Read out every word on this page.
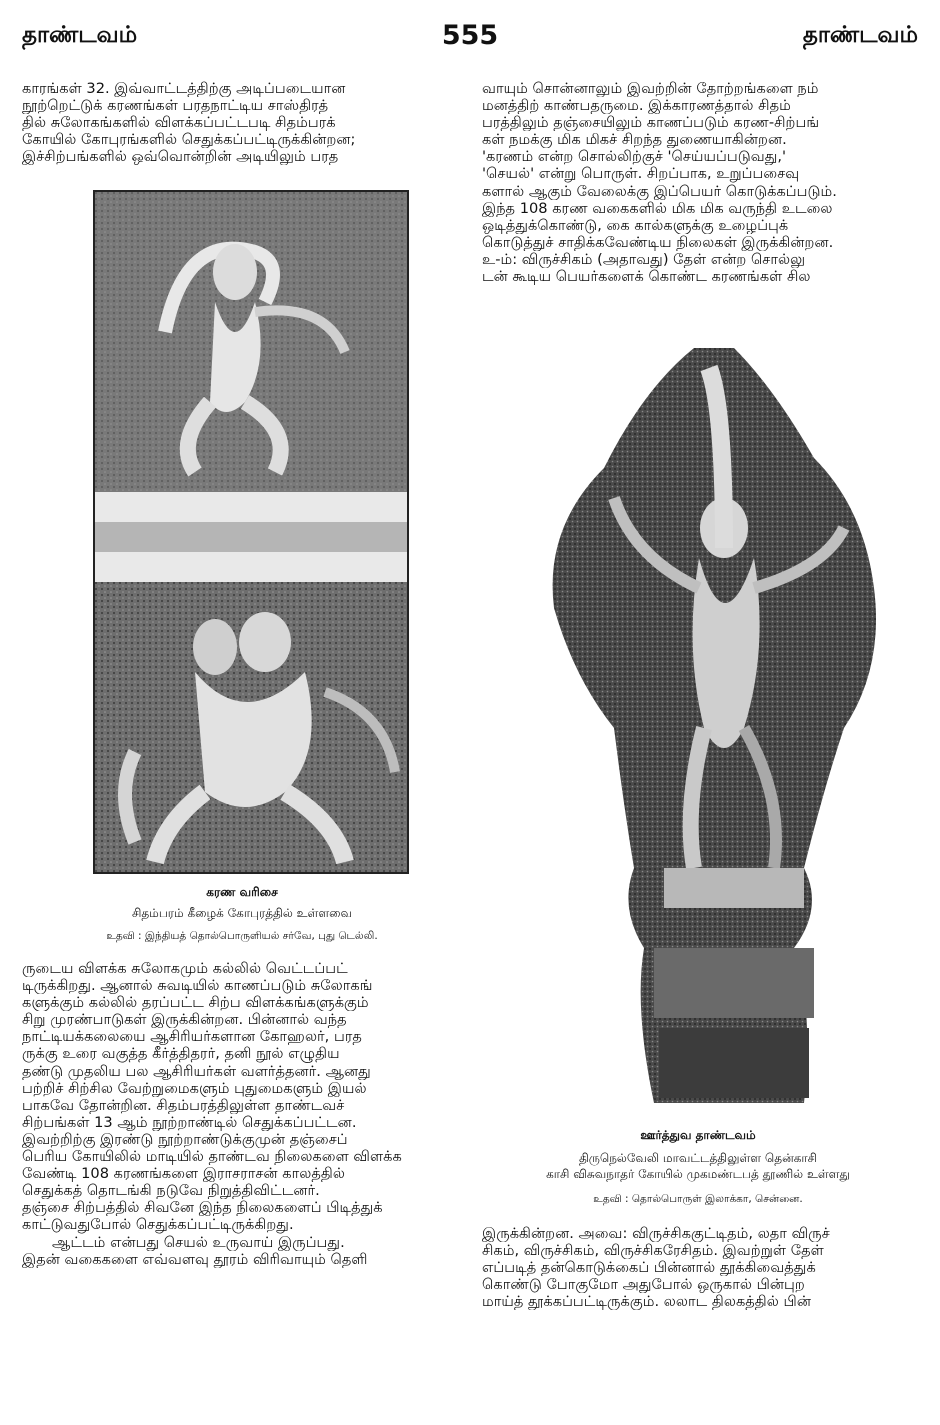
தாண்டவம்	555	தாண்டவம்
காரங்கள் 32. இவ்வாட்டத்திற்கு அடிப்படையான
நூற்றெட்டுக் கரணங்கள் பரதநாட்டிய சாஸ்திரத்
தில் சுலோகங்களில் விளக்கப்பட்டபடி சிதம்பரக்
கோயில் கோபுரங்களில் செதுக்கப்பட்டிருக்கின்றன;
இச்சிற்பங்களில் ஒவ்வொன்றின் அடியிலும் பரத
கரண வரிசை
சிதம்பரம் கீழைக் கோபுரத்தில் உள்ளவை
உதவி : இந்தியத் தொல்பொருளியல் சர்வே, புது டெல்லி.
ருடைய விளக்க சுலோகமும் கல்லில் வெட்டப்பட்
டிருக்கிறது. ஆனால் சுவடியில் காணப்படும் சுலோகங்
களுக்கும் கல்லில் தரப்பட்ட சிற்ப விளக்கங்களுக்கும்
சிறு முரண்பாடுகள் இருக்கின்றன. பின்னால் வந்த
நாட்டியக்கலையை ஆசிரியர்களான கோஹலர், பரத
ருக்கு உரை வகுத்த கீர்த்திதரர், தனி நூல் எழுதிய
தண்டு முதலிய பல ஆசிரியர்கள் வளர்த்தனர். ஆனது
பற்றிச் சிற்சில வேற்றுமைகளும் புதுமைகளும் இயல்
பாகவே தோன்றின. சிதம்பரத்திலுள்ள தாண்டவச்
சிற்பங்கள் 13 ஆம் நூற்றாண்டில் செதுக்கப்பட்டன.
இவற்றிற்கு இரண்டு நூற்றாண்டுக்குமுன் தஞ்சைப்
பெரிய கோயிலில் மாடியில் தாண்டவ நிலைகளை விளக்க
வேண்டி 108 கரணங்களை இராசராசன் காலத்தில்
செதுக்கத் தொடங்கி நடுவே நிறுத்திவிட்டனர்.
தஞ்சை சிற்பத்தில் சிவனே இந்த நிலைகளைப் பிடித்துக்
காட்டுவதுபோல் செதுக்கப்பட்டிருக்கிறது.
ஆட்டம் என்பது செயல் உருவாய் இருப்பது.
இதன் வகைகளை எவ்வளவு தூரம் விரிவாயும் தெளி
வாயும் சொன்னாலும் இவற்றின் தோற்றங்களை நம்
மனத்திற் காண்பதருமை. இக்காரணத்தால் சிதம்
பரத்திலும் தஞ்சையிலும் காணப்படும் கரண-சிற்பங்
கள் நமக்கு மிக மிகச் சிறந்த துணையாகின்றன.
'கரணம் என்ற சொல்லிற்குச் 'செய்யப்படுவது,'
'செயல்' என்று பொருள். சிறப்பாக, உறுப்பசைவு
களால் ஆகும் வேலைக்கு இப்பெயர் கொடுக்கப்படும்.
இந்த 108 கரண வகைகளில் மிக மிக வருந்தி உடலை
ஒடித்துக்கொண்டு, கை கால்களுக்கு உழைப்புக்
கொடுத்துச் சாதிக்கவேண்டிய நிலைகள் இருக்கின்றன.
உ-ம்: விருச்சிகம் (அதாவது) தேள் என்ற சொல்லு
டன் கூடிய பெயர்களைக் கொண்ட கரணங்கள் சில
ஊர்த்துவ தாண்டவம்
திருநெல்வேலி மாவட்டத்திலுள்ள தென்காசி
காசி விசுவநாதர் கோயில் முகமண்டபத் தூணில் உள்ளது
உதவி : தொல்பொருள் இலாக்கா, சென்னை.
இருக்கின்றன. அவை: விருச்சிககுட்டிதம், லதா விருச்
சிகம், விருச்சிகம், விருச்சிகரேசிதம். இவற்றுள் தேள்
எப்படித் தன்கொடுக்கைப் பின்னால் தூக்கிவைத்துக்
கொண்டு போகுமோ அதுபோல் ஒருகால் பின்புற
மாய்த் தூக்கப்பட்டிருக்கும். லலாட திலகத்தில் பின்
